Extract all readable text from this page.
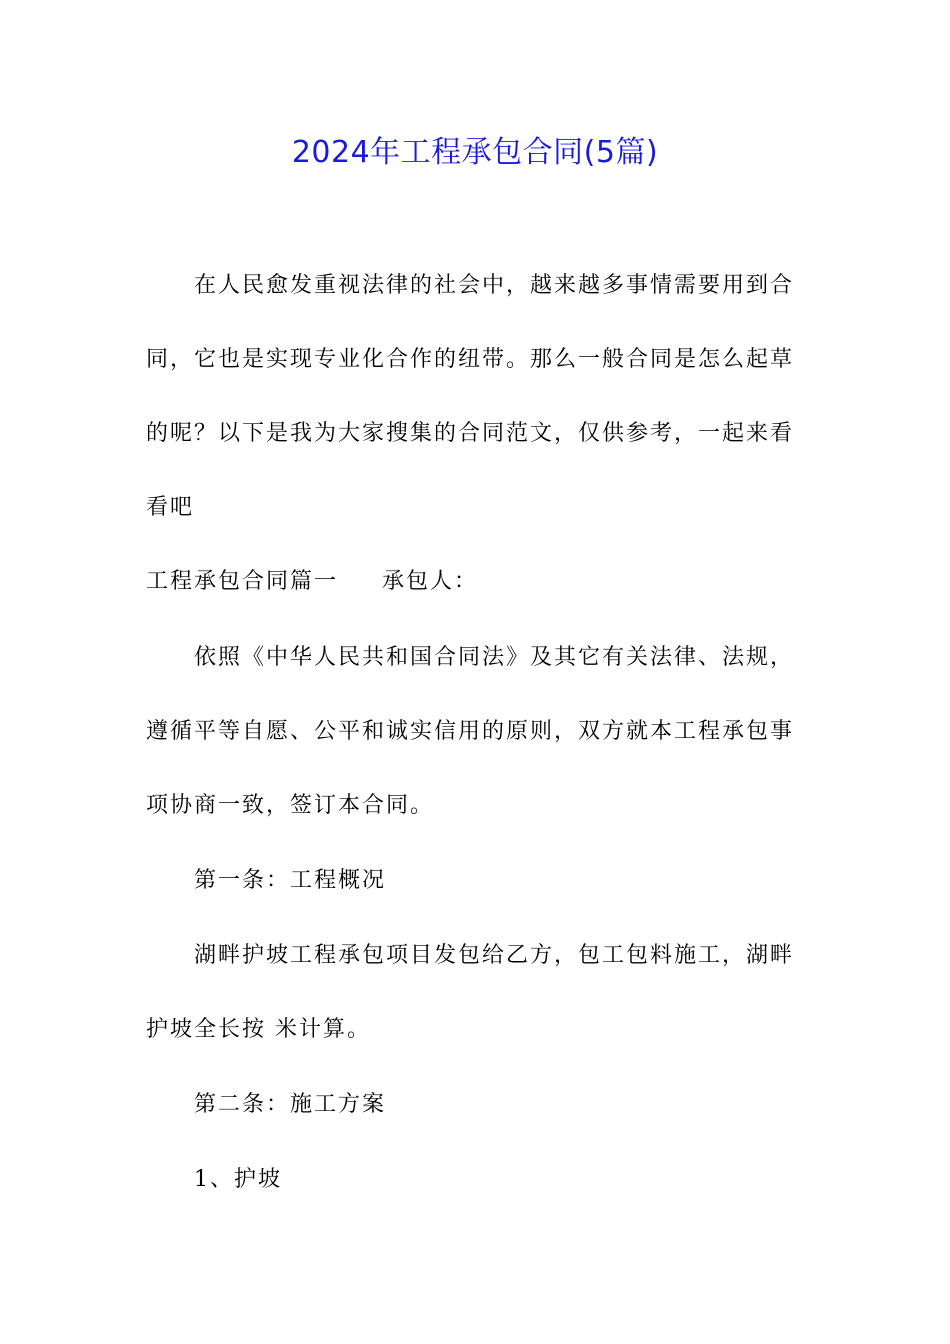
2024年工程承包合同(5篇)
在人民愈发重视法律的社会中，越来越多事情需要用到合
同，它也是实现专业化合作的纽带。那么一般合同是怎么起草
的呢？以下是我为大家搜集的合同范文，仅供参考，一起来看
看吧
工程承包合同篇一 承包人：
依照《中华人民共和国合同法》及其它有关法律、法规，
遵循平等自愿、公平和诚实信用的原则，双方就本工程承包事
项协商一致，签订本合同。
第一条：工程概况
湖畔护坡工程承包项目发包给乙方，包工包料施工，湖畔
护坡全长按 米计算。
第二条：施工方案
1、护坡
